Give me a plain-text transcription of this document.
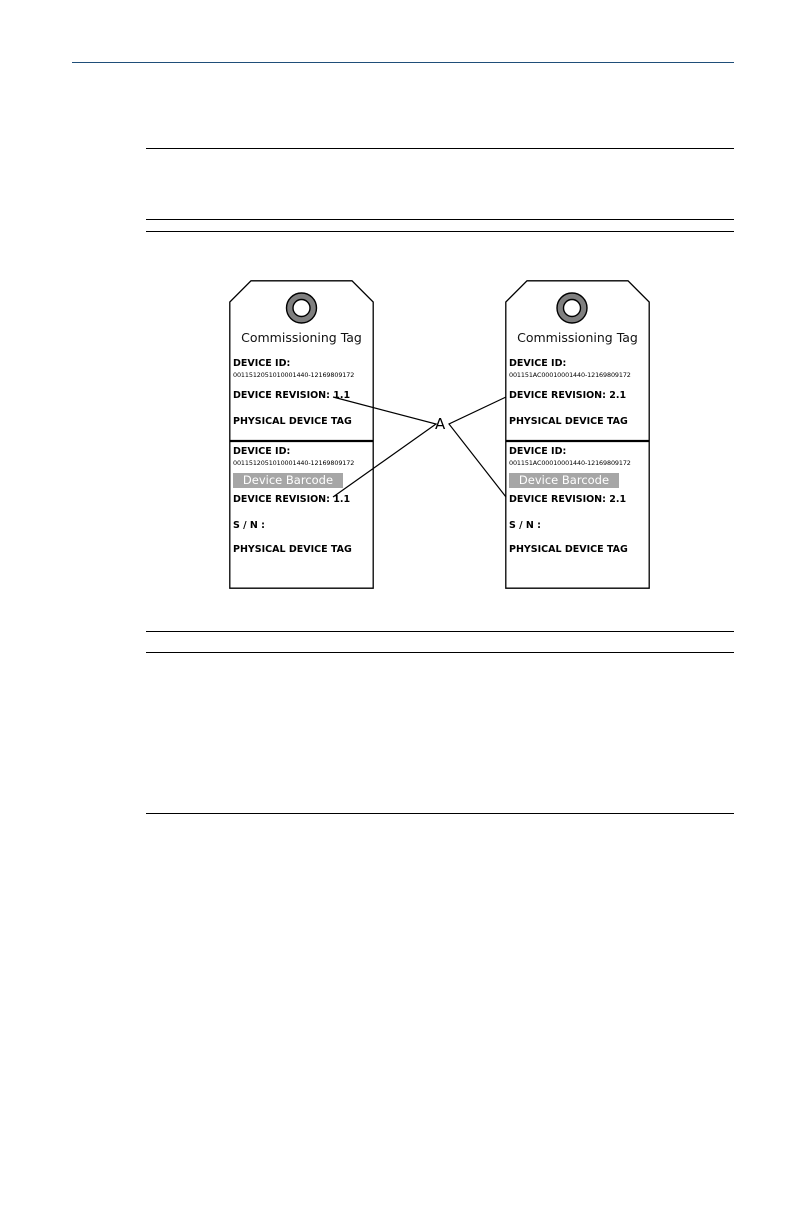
Commissioning Tag
DEVICE ID:
0011512051010001440-12169809172
DEVICE REVISION: 1.1
PHYSICAL DEVICE TAG
DEVICE ID:
0011512051010001440-12169809172
Device Barcode
DEVICE REVISION: 1.1
S / N :
PHYSICAL DEVICE TAG
Commissioning Tag
DEVICE ID:
001151AC00010001440-12169809172
DEVICE REVISION: 2.1
PHYSICAL DEVICE TAG
DEVICE ID:
001151AC00010001440-12169809172
Device Barcode
DEVICE REVISION: 2.1
S / N :
PHYSICAL DEVICE TAG
A
